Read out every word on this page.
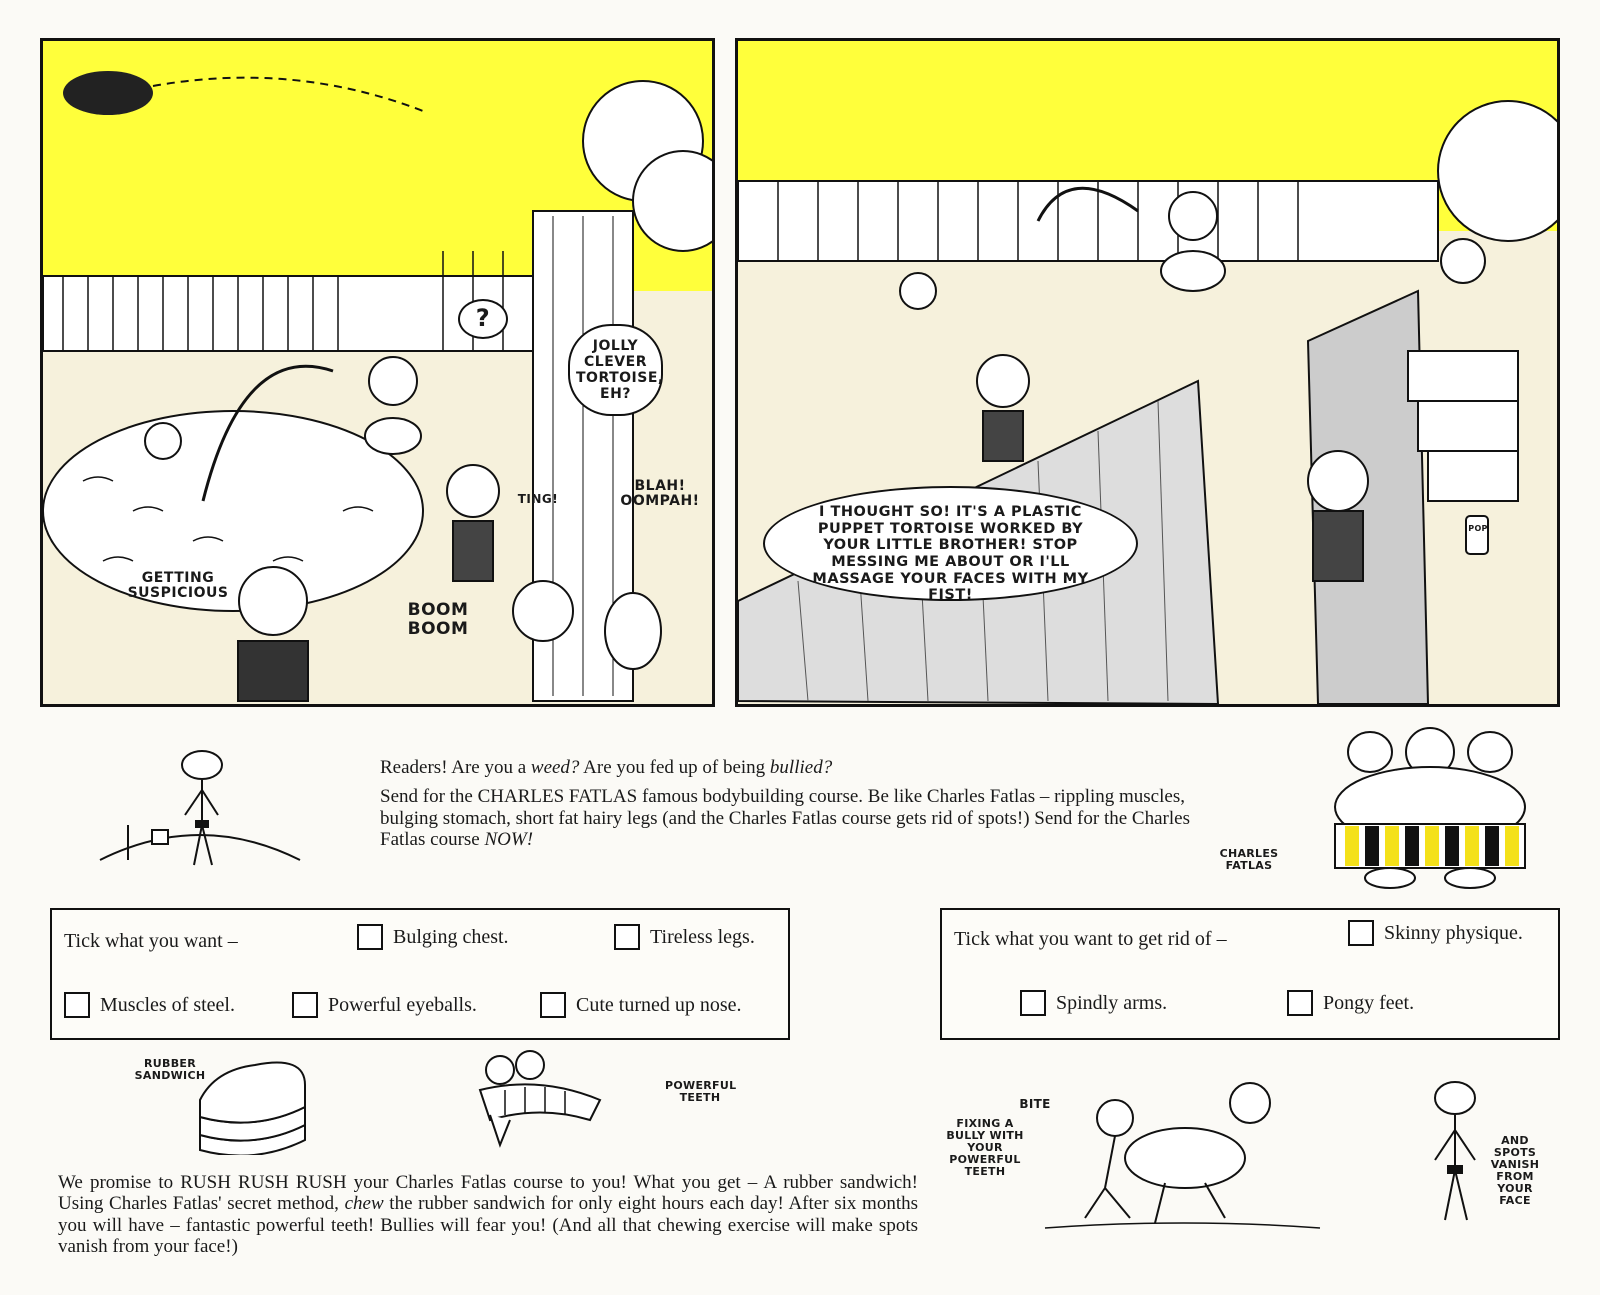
?
JOLLY CLEVER TORTOISE, EH?
BLAH! OOMPAH!
TING!
BOOM BOOM
GETTING SUSPICIOUS
I THOUGHT SO! IT'S A PLASTIC PUPPET TORTOISE WORKED BY YOUR LITTLE BROTHER! STOP MESSING ME ABOUT OR I'LL MASSAGE YOUR FACES WITH MY FIST!
POP

Readers! Are you a weed? Are you fed up of being bullied?

Send for the CHARLES FATLAS famous bodybuilding course. Be like Charles Fatlas – rippling muscles, bulging stomach, short fat hairy legs (and the Charles Fatlas course gets rid of spots!) Send for the Charles Fatlas course NOW!

CHARLES FATLAS
Tick what you want –	Bulging chest.	Tireless legs.
Muscles of steel.	Powerful eyeballs.	Cute turned up nose.
Tick what you want to get rid of –	Skinny physique.
Spindly arms.	Pongy feet.
RUBBER SANDWICH
POWERFUL TEETH
FIXING A BULLY WITH YOUR POWERFUL TEETH
BITE
AND SPOTS VANISH FROM YOUR FACE

We promise to RUSH RUSH RUSH your Charles Fatlas course to you! What you get – A rubber sandwich! Using Charles Fatlas' secret method, chew the rubber sandwich for only eight hours each day! After six months you will have – fantastic powerful teeth! Bullies will fear you! (And all that chewing exercise will make spots vanish from your face!)
